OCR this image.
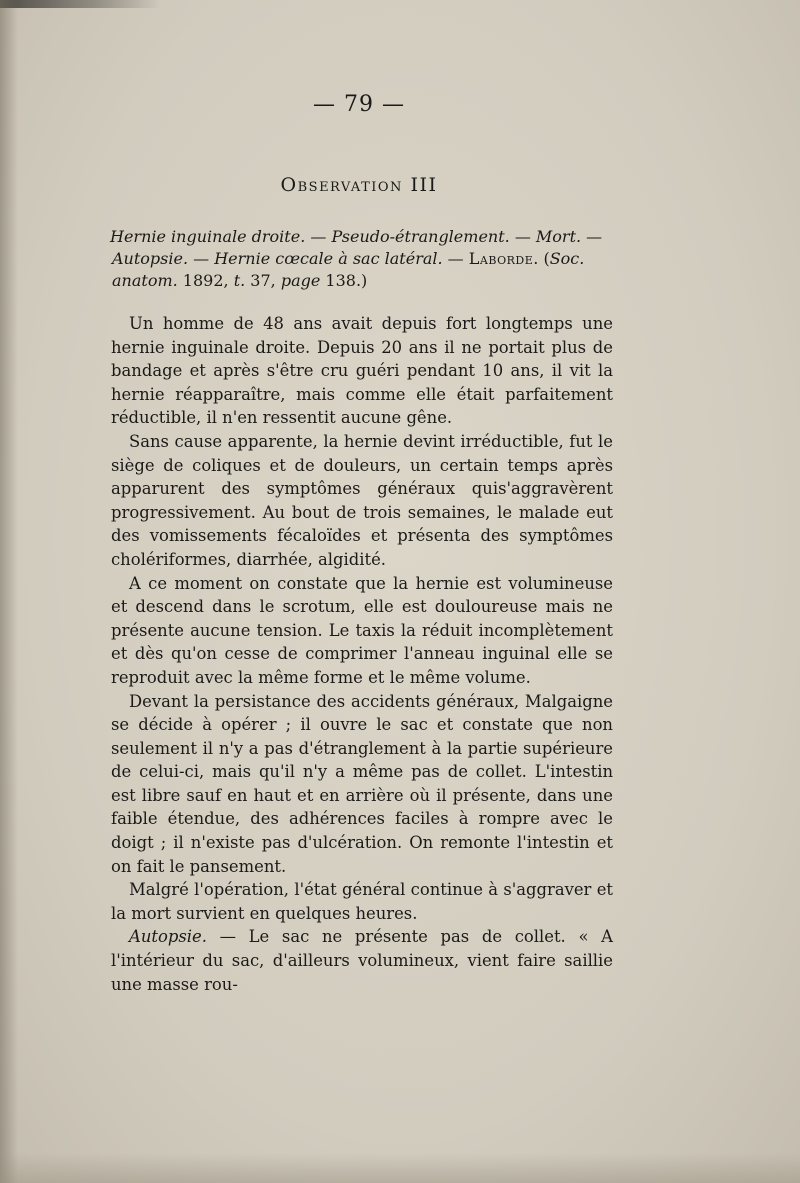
— 79 —
Observation III
Hernie inguinale droite. — Pseudo-étranglement. — Mort. — Autopsie. — Hernie cœcale à sac latéral. — Laborde. (Soc. anatom. 1892, t. 37, page 138.)

Un homme de 48 ans avait depuis fort longtemps une hernie inguinale droite. Depuis 20 ans il ne portait plus de bandage et après s'être cru guéri pendant 10 ans, il vit la hernie réapparaître, mais comme elle était parfaitement réductible, il n'en ressentit aucune gêne.

Sans cause apparente, la hernie devint irréductible, fut le siège de coliques et de douleurs, un certain temps après apparurent des symptômes généraux quis'aggravèrent progressivement. Au bout de trois semaines, le malade eut des vomissements fécaloïdes et présenta des symptômes cholériformes, diarrhée, algidité.

A ce moment on constate que la hernie est volumineuse et descend dans le scrotum, elle est douloureuse mais ne présente aucune tension. Le taxis la réduit incomplètement et dès qu'on cesse de comprimer l'anneau inguinal elle se reproduit avec la même forme et le même volume.

Devant la persistance des accidents généraux, Malgaigne se décide à opérer ; il ouvre le sac et constate que non seulement il n'y a pas d'étranglement à la partie supérieure de celui-ci, mais qu'il n'y a même pas de collet. L'intestin est libre sauf en haut et en arrière où il présente, dans une faible étendue, des adhérences faciles à rompre avec le doigt ; il n'existe pas d'ulcération. On remonte l'intestin et on fait le pansement.

Malgré l'opération, l'état général continue à s'aggraver et la mort survient en quelques heures.

Autopsie. — Le sac ne présente pas de collet. « A l'intérieur du sac, d'ailleurs volumineux, vient faire saillie une masse rou-
